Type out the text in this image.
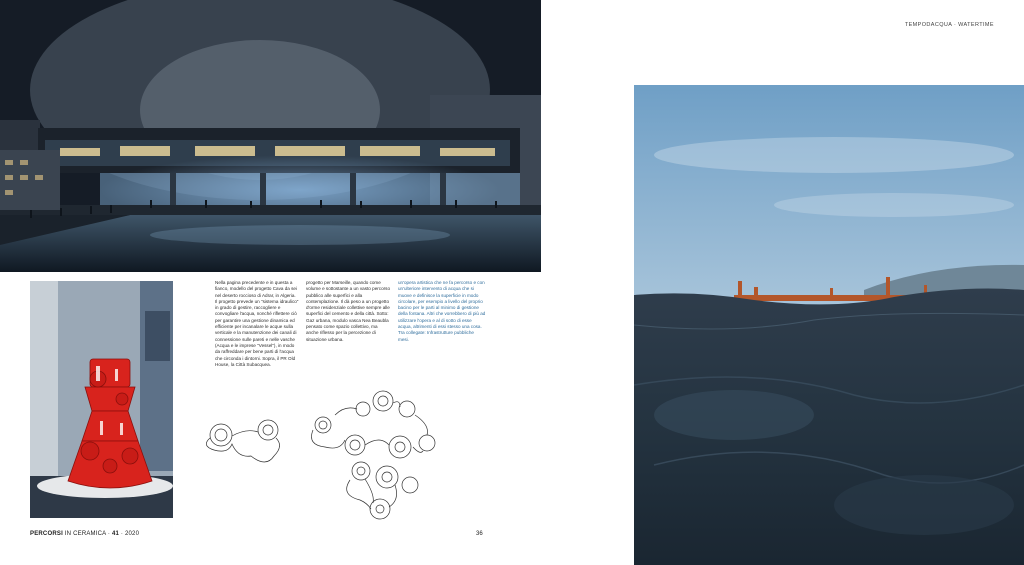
Nella pagina precedente e in questa a fianco, modello del progetto Cava da sei nel deserto roccioso di Adrar, in Algeria. Il progetto prevede un "sistema idraulico" in grado di gestire, raccogliere e convogliare l'acqua, nonché riflettere ciò per garantire una gestione dinamica ed efficiente per incanalare le acque sulla verticale e la manutenzione dei canali di connessione sulle pareti e nelle vasche (Acqua e le imprese "Vessel"), in modo da raffreddare per bene parti di l'acqua che circonda i dintorni. Sopra, il PR Old House, la Città Subacquea.
progetto per Marseille, quando come volume e sottostante a un vasto percorso pubblico alle superfici e alla contemplazione. Il dà peso a un progetto d'orme residenziale collettive sempre alle superfici del cemento e della città. Sotto: Gaz urbana, modulo vasca Nea Beaubla pensato come spazio collettivo, ma anche riflesso per la percezione di situazione urbana.
un'opera artistica che ne fa percorso e con un'ulteriore intervento di acqua che si muove e definisce la superficie in modo circolare, per esempio a livello del proprio bacino per le parti al minimo di gestione della fontana. Altri che vorrebbero di più ad utilizzare l'opera e al di sotto di esse acqua, altrimenti di essi stesso una cosa. Tra collegate: Infrastrutture pubbliche mesi.
PERCORSI IN CERAMICA · 41 · 2020	36
TEMPODACQUA · WATERTIME
